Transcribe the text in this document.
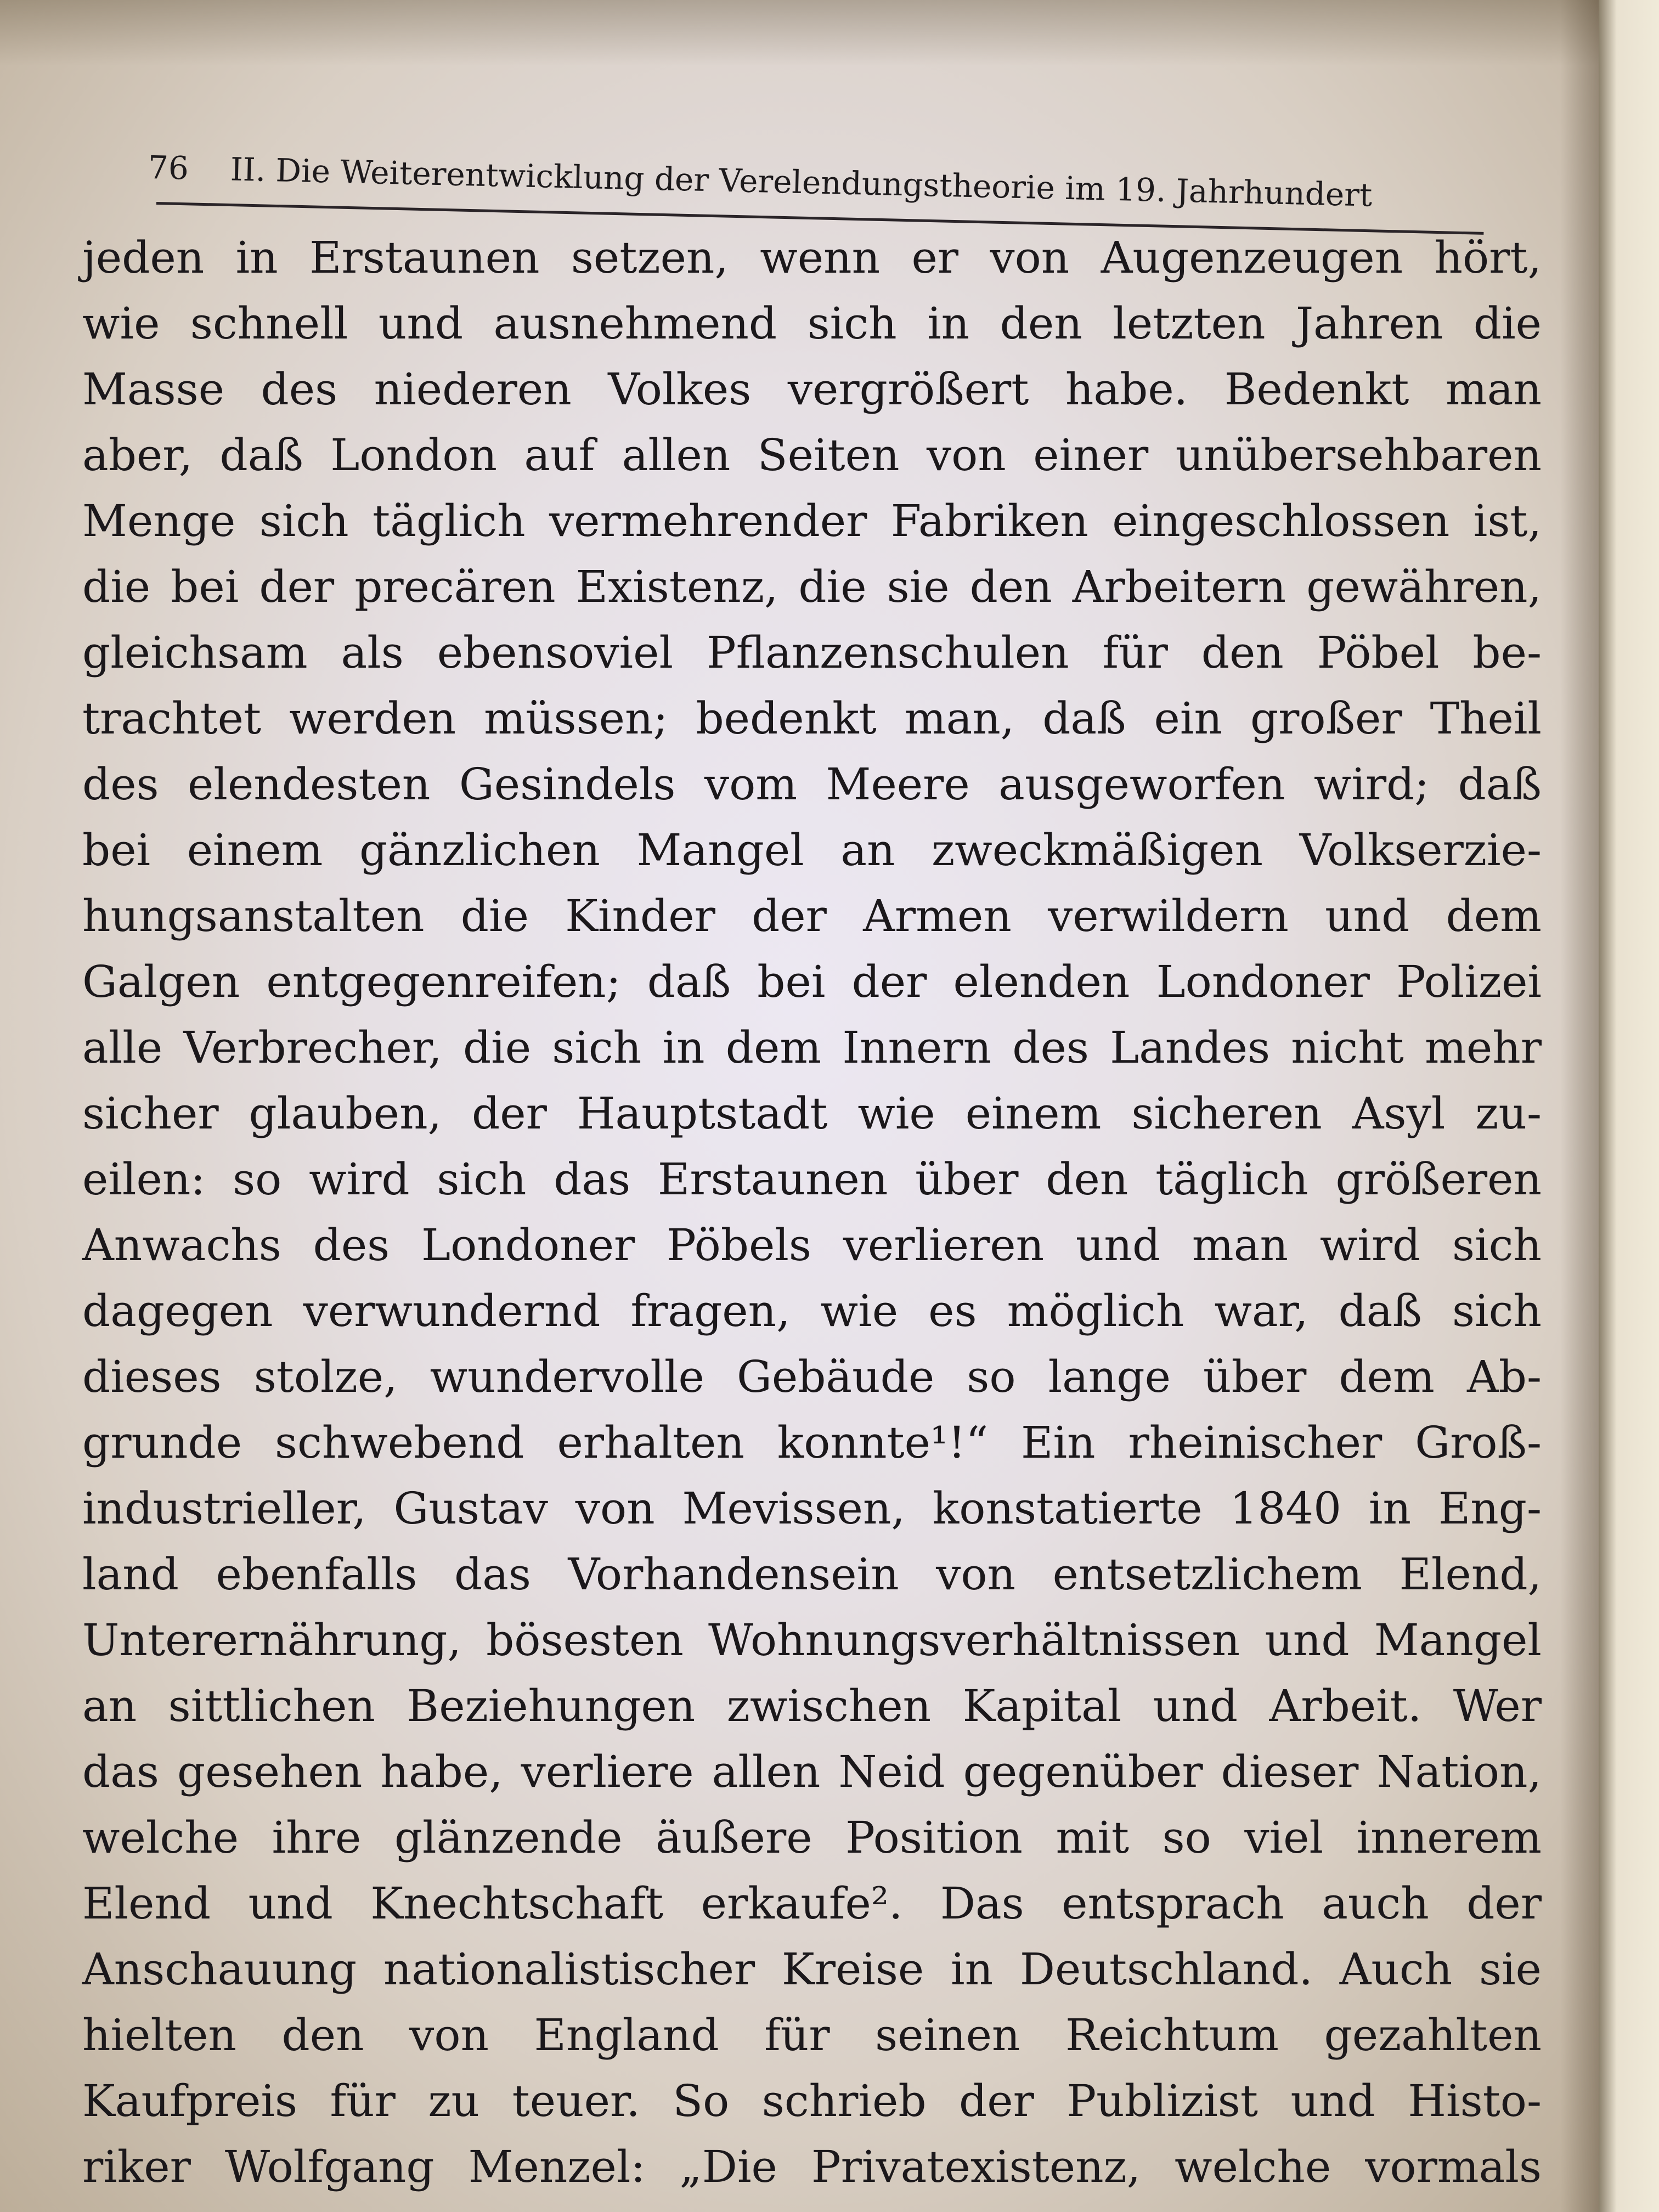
76 II. Die Weiterentwicklung der Verelendungstheorie im 19. Jahrhundert
jeden in Erstaunen setzen, wenn er von Augenzeugen hört,
wie schnell und ausnehmend sich in den letzten Jahren die
Masse des niederen Volkes vergrößert habe. Bedenkt man
aber, daß London auf allen Seiten von einer unübersehbaren
Menge sich täglich vermehrender Fabriken eingeschlossen ist,
die bei der precären Existenz, die sie den Arbeitern gewähren,
gleichsam als ebensoviel Pflanzenschulen für den Pöbel be-
trachtet werden müssen; bedenkt man, daß ein großer Theil
des elendesten Gesindels vom Meere ausgeworfen wird; daß
bei einem gänzlichen Mangel an zweckmäßigen Volkserzie-
hungsanstalten die Kinder der Armen verwildern und dem
Galgen entgegenreifen; daß bei der elenden Londoner Polizei
alle Verbrecher, die sich in dem Innern des Landes nicht mehr
sicher glauben, der Hauptstadt wie einem sicheren Asyl zu-
eilen: so wird sich das Erstaunen über den täglich größeren
Anwachs des Londoner Pöbels verlieren und man wird sich
dagegen verwundernd fragen, wie es möglich war, daß sich
dieses stolze, wundervolle Gebäude so lange über dem Ab-
grunde schwebend erhalten konnte¹!“ Ein rheinischer Groß-
industrieller, Gustav von Mevissen, konstatierte 1840 in Eng-
land ebenfalls das Vorhandensein von entsetzlichem Elend,
Unterernährung, bösesten Wohnungsverhältnissen und Mangel
an sittlichen Beziehungen zwischen Kapital und Arbeit. Wer
das gesehen habe, verliere allen Neid gegenüber dieser Nation,
welche ihre glänzende äußere Position mit so viel innerem
Elend und Knechtschaft erkaufe². Das entsprach auch der
Anschauung nationalistischer Kreise in Deutschland. Auch sie
hielten den von England für seinen Reichtum gezahlten
Kaufpreis für zu teuer. So schrieb der Publizist und Histo-
riker Wolfgang Menzel: „Die Privatexistenz, welche vormals
